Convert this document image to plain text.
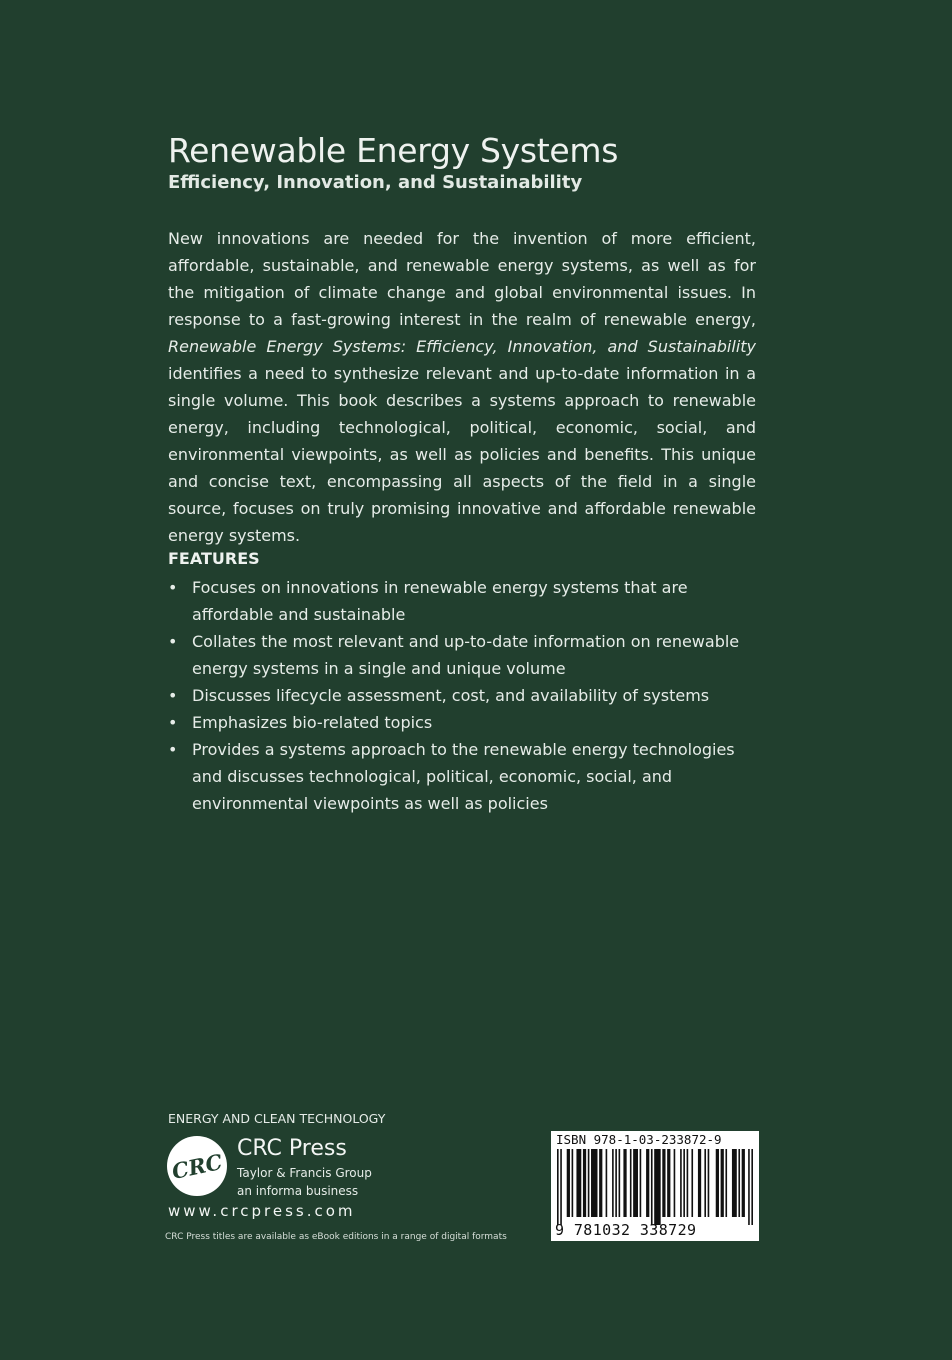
Renewable Energy Systems
Efficiency, Innovation, and Sustainability

New innovations are needed for the invention of more efficient, affordable, sustainable, and renewable energy systems, as well as for the mitigation of climate change and global environmental issues. In response to a fast-growing interest in the realm of renewable energy, Renewable Energy Systems: Efficiency, Innovation, and Sustainability identifies a need to synthesize relevant and up-to-date information in a single volume. This book describes a systems approach to renewable energy, including technological, political, economic, social, and environmental viewpoints, as well as policies and benefits. This unique and concise text, encompassing all aspects of the field in a single source, focuses on truly promising innovative and affordable renewable energy systems.

FEATURES
• Focuses on innovations in renewable energy systems that are affordable and sustainable
• Collates the most relevant and up-to-date information on renewable energy systems in a single and unique volume
• Discusses lifecycle assessment, cost, and availability of systems
• Emphasizes bio-related topics
• Provides a systems approach to the renewable energy technologies and discusses technological, political, economic, social, and environmental viewpoints as well as policies

ENERGY AND CLEAN TECHNOLOGY

CRC

CRC Press

Taylor & Francis Group

an informa business

www.crcpress.com

CRC Press titles are available as eBook editions in a range of digital formats

ISBN 978-1-03-233872-9
9 781032 338729
